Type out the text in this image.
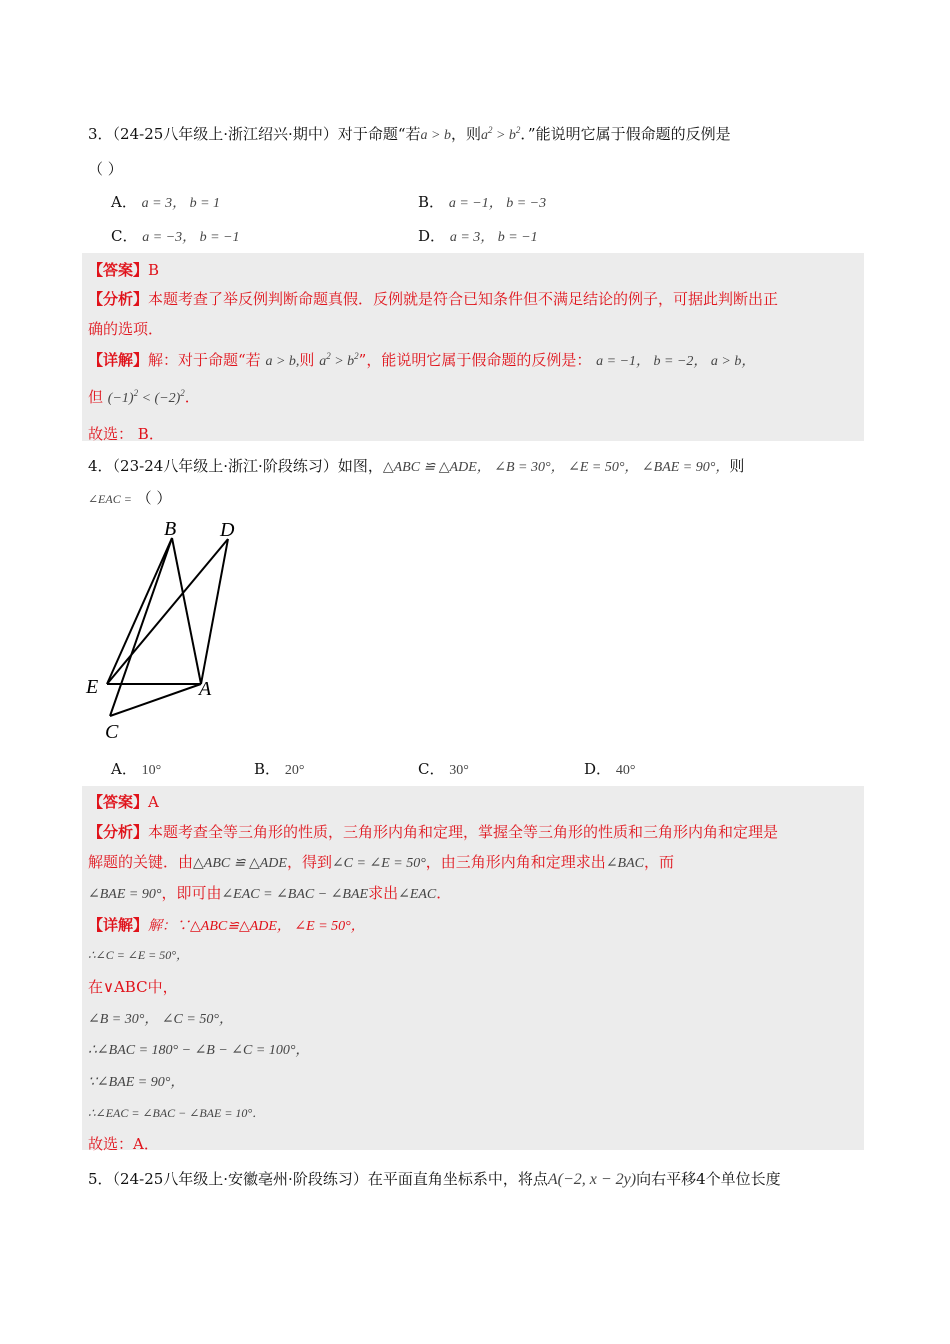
3．（24-25八年级上·浙江绍兴·期中）对于命题“若a > b，则$a^2 > b^2$．”能说明它属于假命题的反例是
（ ）
A． a = 3， b = 1	B． a = −1， b = −3
C． a = −3， b = −1	D． a = 3， b = −1
【答案】B
【分析】本题考查了举反例判断命题真假．反例就是符合已知条件但不满足结论的例子，可据此判断出正
确的选项．
【详解】解：对于命题“若 a > b,则 $a^2 > b^2$”，能说明它属于假命题的反例是： a = −1， b = −2， a > b，
但 $(-1)^2 < (-2)^2$．
故选： B．
4．（23-24八年级上·浙江·阶段练习）如图，△ABC ≌ △ADE， ∠B = 30°， ∠E = 50°， ∠BAE = 90°，则
∠EAC = （ ）
B D
E	A
C
A． 10°	B． 20°	C． 30°	D． 40°
【答案】A
【分析】本题考查全等三角形的性质，三角形内角和定理，掌握全等三角形的性质和三角形内角和定理是
解题的关键．由△ABC ≌ △ADE，得到∠C = ∠E = 50°，由三角形内角和定理求出∠BAC，而
∠BAE = 90°，即可由∠EAC = ∠BAC − ∠BAE求出∠EAC．
【详解】解：∵△ABC≌△ADE， ∠E = 50°，
∴∠C = ∠E = 50°，
在∨ABC中，
∠B = 30°， ∠C = 50°，
∴∠BAC = 180° − ∠B − ∠C = 100°，
∵∠BAE = 90°，
∴∠EAC = ∠BAC − ∠BAE = 10°．
故选：A．
5．（24-25八年级上·安徽亳州·阶段练习）在平面直角坐标系中，将点A(−2, x − 2y)向右平移4个单位长度
